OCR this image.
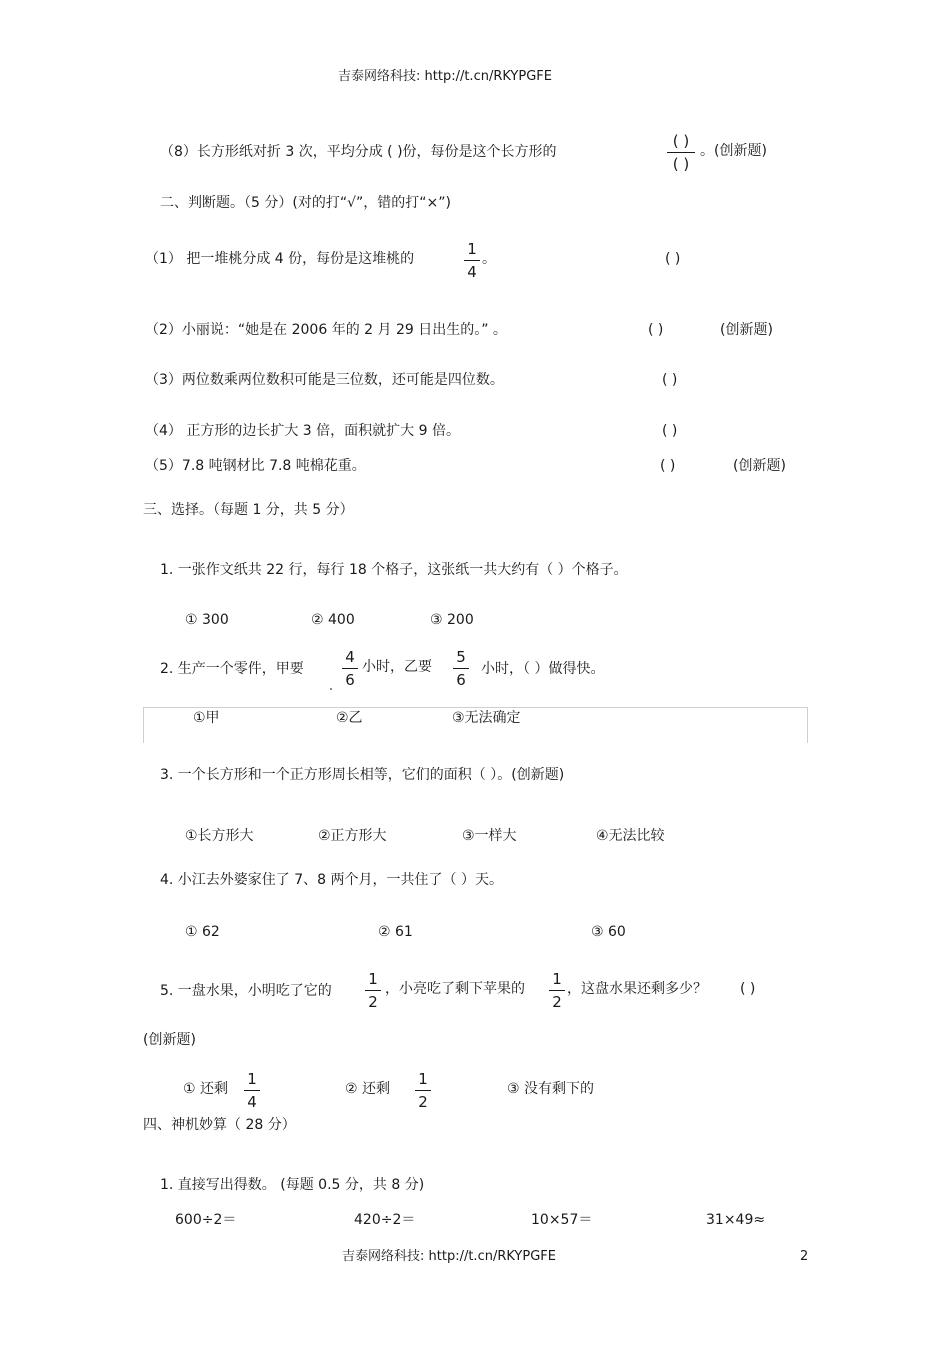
吉泰网络科技: http://t.cn/RKYPGFE
（8）长方形纸对折 3 次，平均分成 ( )份，每份是这个长方形的
( )
( )
。(创新题)
二、判断题。（5 分）(对的打“√”，错的打“×”)
（1） 把一堆桃分成 4 份，每份是这堆桃的
1
4
。	( )
（2）小丽说：“她是在 2006 年的 2 月 29 日出生的。” 。	( )	(创新题)
（3）两位数乘两位数积可能是三位数，还可能是四位数。	( )
（4） 正方形的边长扩大 3 倍，面积就扩大 9 倍。	( )
（5）7.8 吨钢材比 7.8 吨棉花重。	( )	(创新题)
三、选择。（每题 1 分，共 5 分）
1. 一张作文纸共 22 行，每行 18 个格子，这张纸一共大约有（ ）个格子。
① 300	② 400	③ 200
2. 生产一个零件，甲要
4
6
小时，乙要
5
6
小时，（ ）做得快。
①甲	②乙	③无法确定
3. 一个长方形和一个正方形周长相等，它们的面积（ ）。(创新题)
①长方形大	②正方形大	③一样大	④无法比较
4. 小江去外婆家住了 7、8 两个月，一共住了（ ）天。
① 62	② 61	③ 60
5. 一盘水果，小明吃了它的
1
2
，小亮吃了剩下苹果的
1
2
，这盘水果还剩多少？ ( )
(创新题)
① 还剩
1
4
② 还剩
1
2
③ 没有剩下的
四、神机妙算（ 28 分）
1. 直接写出得数。 (每题 0.5 分，共 8 分)
600÷2＝	420÷2＝	10×57＝	31×49≈
吉泰网络科技: http://t.cn/RKYPGFE	2
